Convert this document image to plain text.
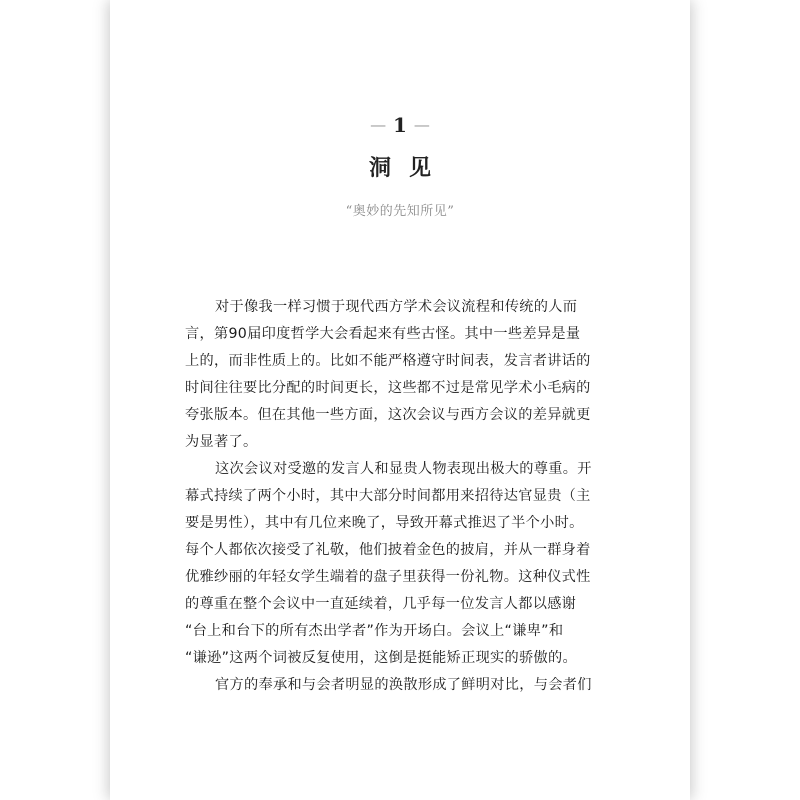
— 1 —
洞见
“奥妙的先知所见”
对于像我一样习惯于现代西方学术会议流程和传统的人而
言，第90届印度哲学大会看起来有些古怪。其中一些差异是量
上的，而非性质上的。比如不能严格遵守时间表，发言者讲话的
时间往往要比分配的时间更长，这些都不过是常见学术小毛病的
夸张版本。但在其他一些方面，这次会议与西方会议的差异就更
为显著了。
这次会议对受邀的发言人和显贵人物表现出极大的尊重。开
幕式持续了两个小时，其中大部分时间都用来招待达官显贵（主
要是男性），其中有几位来晚了，导致开幕式推迟了半个小时。
每个人都依次接受了礼敬，他们披着金色的披肩，并从一群身着
优雅纱丽的年轻女学生端着的盘子里获得一份礼物。这种仪式性
的尊重在整个会议中一直延续着，几乎每一位发言人都以感谢
“台上和台下的所有杰出学者”作为开场白。会议上“谦卑”和
“谦逊”这两个词被反复使用，这倒是挺能矫正现实的骄傲的。
官方的奉承和与会者明显的涣散形成了鲜明对比，与会者们
